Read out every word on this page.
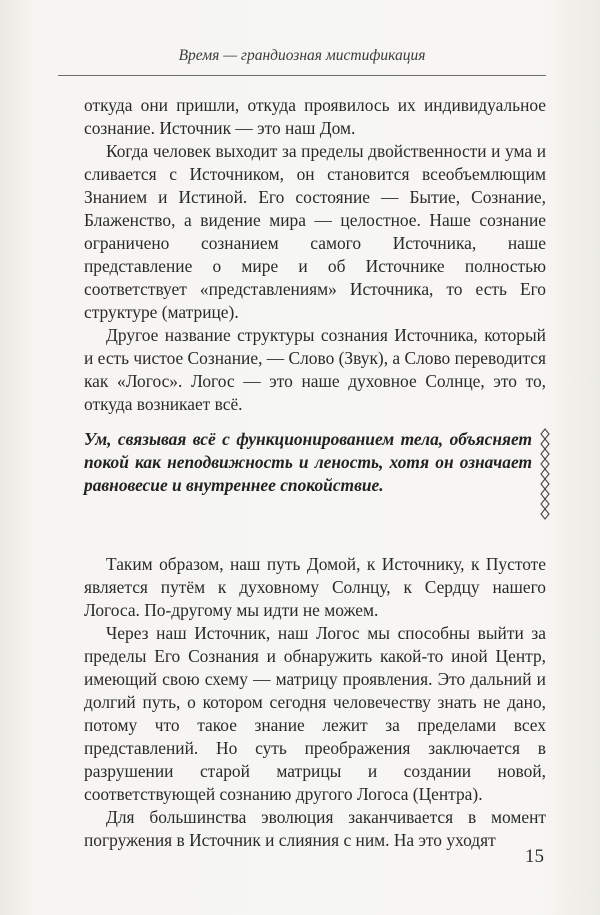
Время — грандиозная мистификация

откуда они пришли, откуда проявилось их индивидуальное сознание. Источник — это наш Дом.

Когда человек выходит за пределы двойственности и ума и сливается с Источником, он становится всеобъемлющим Знанием и Истиной. Его состояние — Бытие, Сознание, Блаженство, а видение мира — целостное. Наше сознание ограничено сознанием самого Источника, наше представление о мире и об Источнике полностью соответствует «представлениям» Источника, то есть Его структуре (матрице).

Другое название структуры сознания Источника, который и есть чистое Сознание, — Слово (Звук), а Слово переводится как «Логос». Логос — это наше духовное Солнце, это то, откуда возникает всё.

Ум, связывая всё с функционированием тела, объясняет покой как неподвижность и леность, хотя он означает равновесие и внутреннее спокойствие.

Таким образом, наш путь Домой, к Источнику, к Пустоте является путём к духовному Солнцу, к Сердцу нашего Логоса. По-другому мы идти не можем.

Через наш Источник, наш Логос мы способны выйти за пределы Его Сознания и обнаружить какой-то иной Центр, имеющий свою схему — матрицу проявления. Это дальний и долгий путь, о котором сегодня человечеству знать не дано, потому что такое знание лежит за пределами всех представлений. Но суть преображения заключается в разрушении старой матрицы и создании новой, соответствующей сознанию другого Логоса (Центра).

Для большинства эволюция заканчивается в момент погружения в Источник и слияния с ним. На это уходят

15
